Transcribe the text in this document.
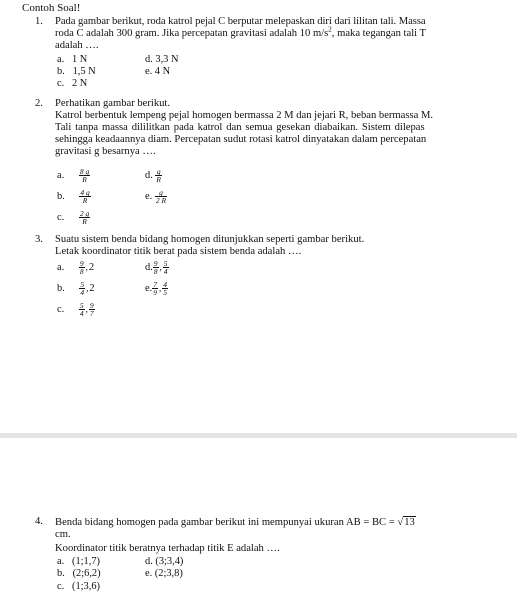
Contoh Soal!
1.	Pada gambar berikut, roda katrol pejal C berputar melepaskan diri dari lilitan tali. Massa
roda C adalah 300 gram. Jika percepatan gravitasi adalah 10 $m/s^2$, maka tegangan tali T
adalah ….
a.  1 N	d. 3,3 N
b.  1,5 N	e. 4 N
c.  2 N
2.	Perhatikan gambar berikut.
Katrol berbentuk lempeng pejal homogen bermassa 2 M dan jejari R, beban bermassa M.
Tali tanpa massa dililitkan pada katrol dan semua gesekan diabaikan. Sistem dilepas
sehingga keadaannya diam. Percepatan sudut rotasi katrol dinyatakan dalam percepatan
gravitasi g besarnya ….
a. $\frac{8 g}{R}$	d. $\frac{g}{R}$
b. $\frac{4 g}{R}$	e. $\frac{g}{2 R}$
c. $\frac{2 g}{R}$
3.	Suatu sistem benda bidang homogen ditunjukkan seperti gambar berikut.
Letak koordinator titik berat pada sistem benda adalah ….
a. $\frac{9}{8} ,2$	d. $\frac{9}{8}$ , $\frac{5}{4}$
b. $\frac{5}{4} ,2$	e. $\frac{7}{9}$ , $\frac{4}{5}$
c. $\frac{5}{4}$ , $\frac{9}{7}$
4.	Benda bidang homogen pada gambar berikut ini mempunyai ukuran AB = BC = √13
cm.
Koordinator titik beratnya terhadap titik E adalah ….
a.  (1;1,7)	d. (3;3,4)
b.  (2;6,2)	e. (2;3,8)
c.  (1;3,6)
